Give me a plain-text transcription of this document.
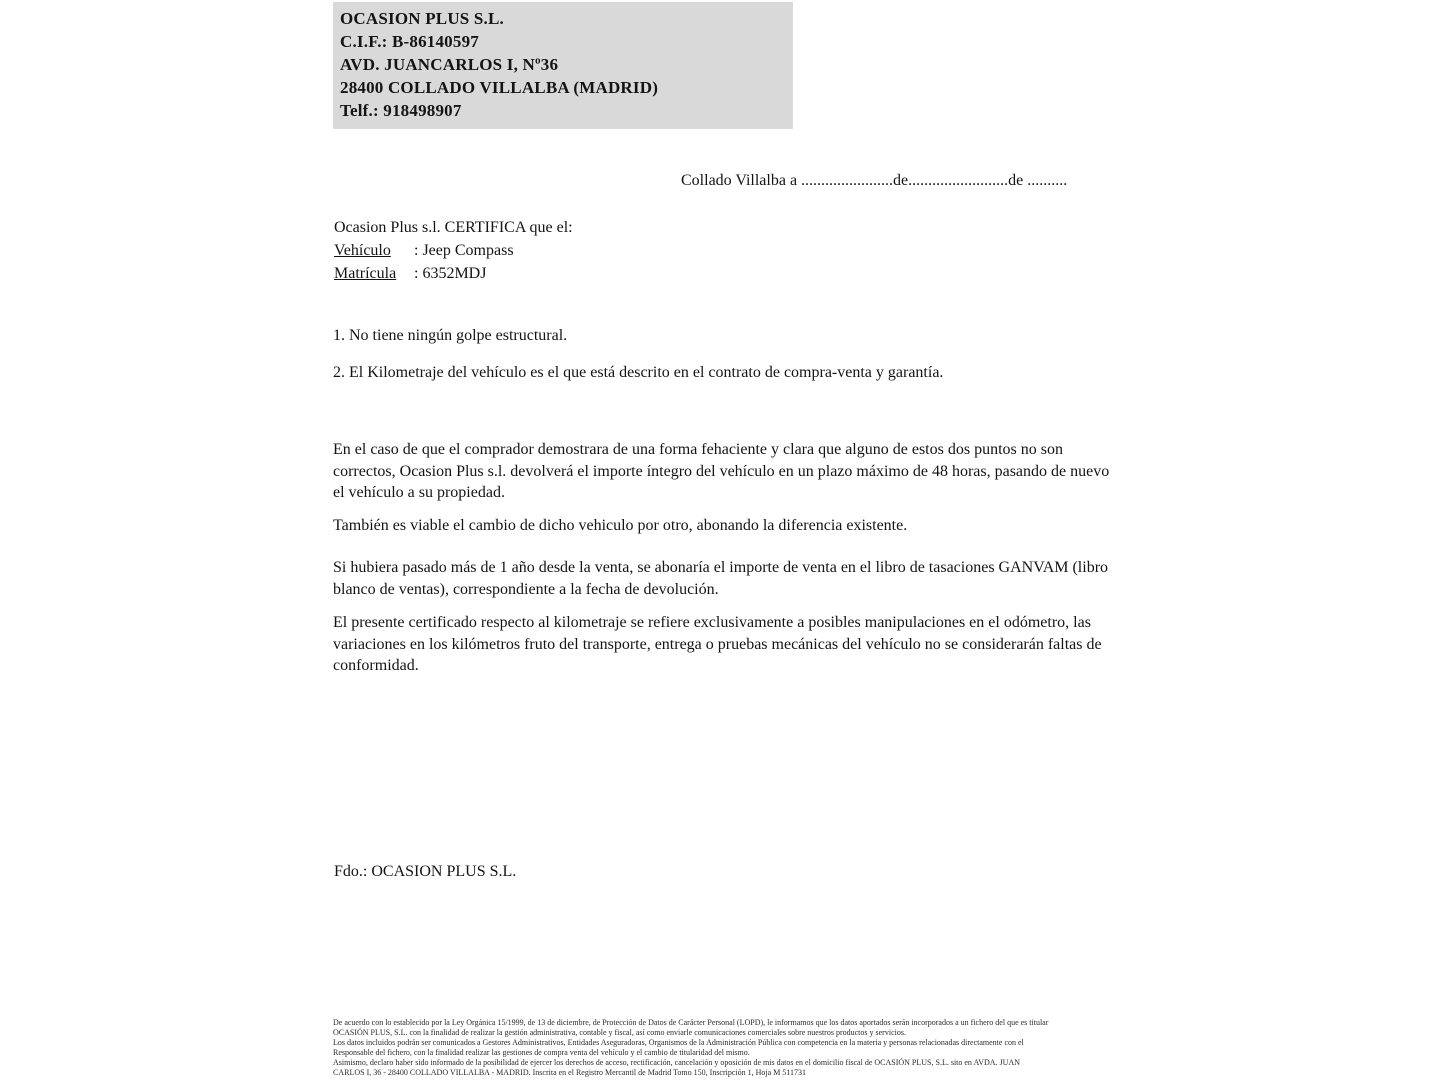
OCASION PLUS S.L.
C.I.F.: B-86140597
AVD. JUANCARLOS I, Nº36
28400 COLLADO VILLALBA (MADRID)
Telf.: 918498907
Collado Villalba a .......................de.........................de ..........
Ocasion Plus s.l. CERTIFICA que el:
Vehículo : Jeep Compass
Matrícula : 6352MDJ
1. No tiene ningún golpe estructural.
2. El Kilometraje del vehículo es el que está descrito en el contrato de compra-venta y garantía.
En el caso de que el comprador demostrara de una forma fehaciente y clara que alguno de estos dos puntos no son correctos, Ocasion Plus s.l. devolverá el importe íntegro del vehículo en un plazo máximo de 48 horas, pasando de nuevo el vehículo a su propiedad.
También es viable el cambio de dicho vehiculo por otro, abonando la diferencia existente.
Si hubiera pasado más de 1 año desde la venta, se abonaría el importe de venta en el libro de tasaciones GANVAM (libro blanco de ventas), correspondiente a la fecha de devolución.
El presente certificado respecto al kilometraje se refiere exclusivamente a posibles manipulaciones en el odómetro, las variaciones en los kilómetros fruto del transporte, entrega o pruebas mecánicas del vehículo no se considerarán faltas de conformidad.
Fdo.: OCASION PLUS S.L.
De acuerdo con lo establecido por la Ley Orgánica 15/1999, de 13 de diciembre, de Protección de Datos de Carácter Personal (LOPD), le informamos que los datos aportados serán incorporados a un fichero del que es titular
OCASIÓN PLUS, S.L. con la finalidad de realizar la gestión administrativa, contable y fiscal, así como enviarle comunicaciones comerciales sobre nuestros productos y servicios.
Los datos incluidos podrán ser comunicados a Gestores Administrativos, Entidades Aseguradoras, Organismos de la Administración Pública con competencia en la materia y personas relacionadas directamente con el
Responsable del fichero, con la finalidad realizar las gestiones de compra venta del vehículo y el cambio de titularidad del mismo.
Asimismo, declaro haber sido informado de la posibilidad de ejercer los derechos de acceso, rectificación, cancelación y oposición de mis datos en el domicilio fiscal de OCASIÓN PLUS, S.L. sito en AVDA. JUAN
CARLOS I, 36 - 28400 COLLADO VILLALBA - MADRID. Inscrita en el Registro Mercantil de Madrid Tomo 150, Inscripción 1, Hoja M 511731
